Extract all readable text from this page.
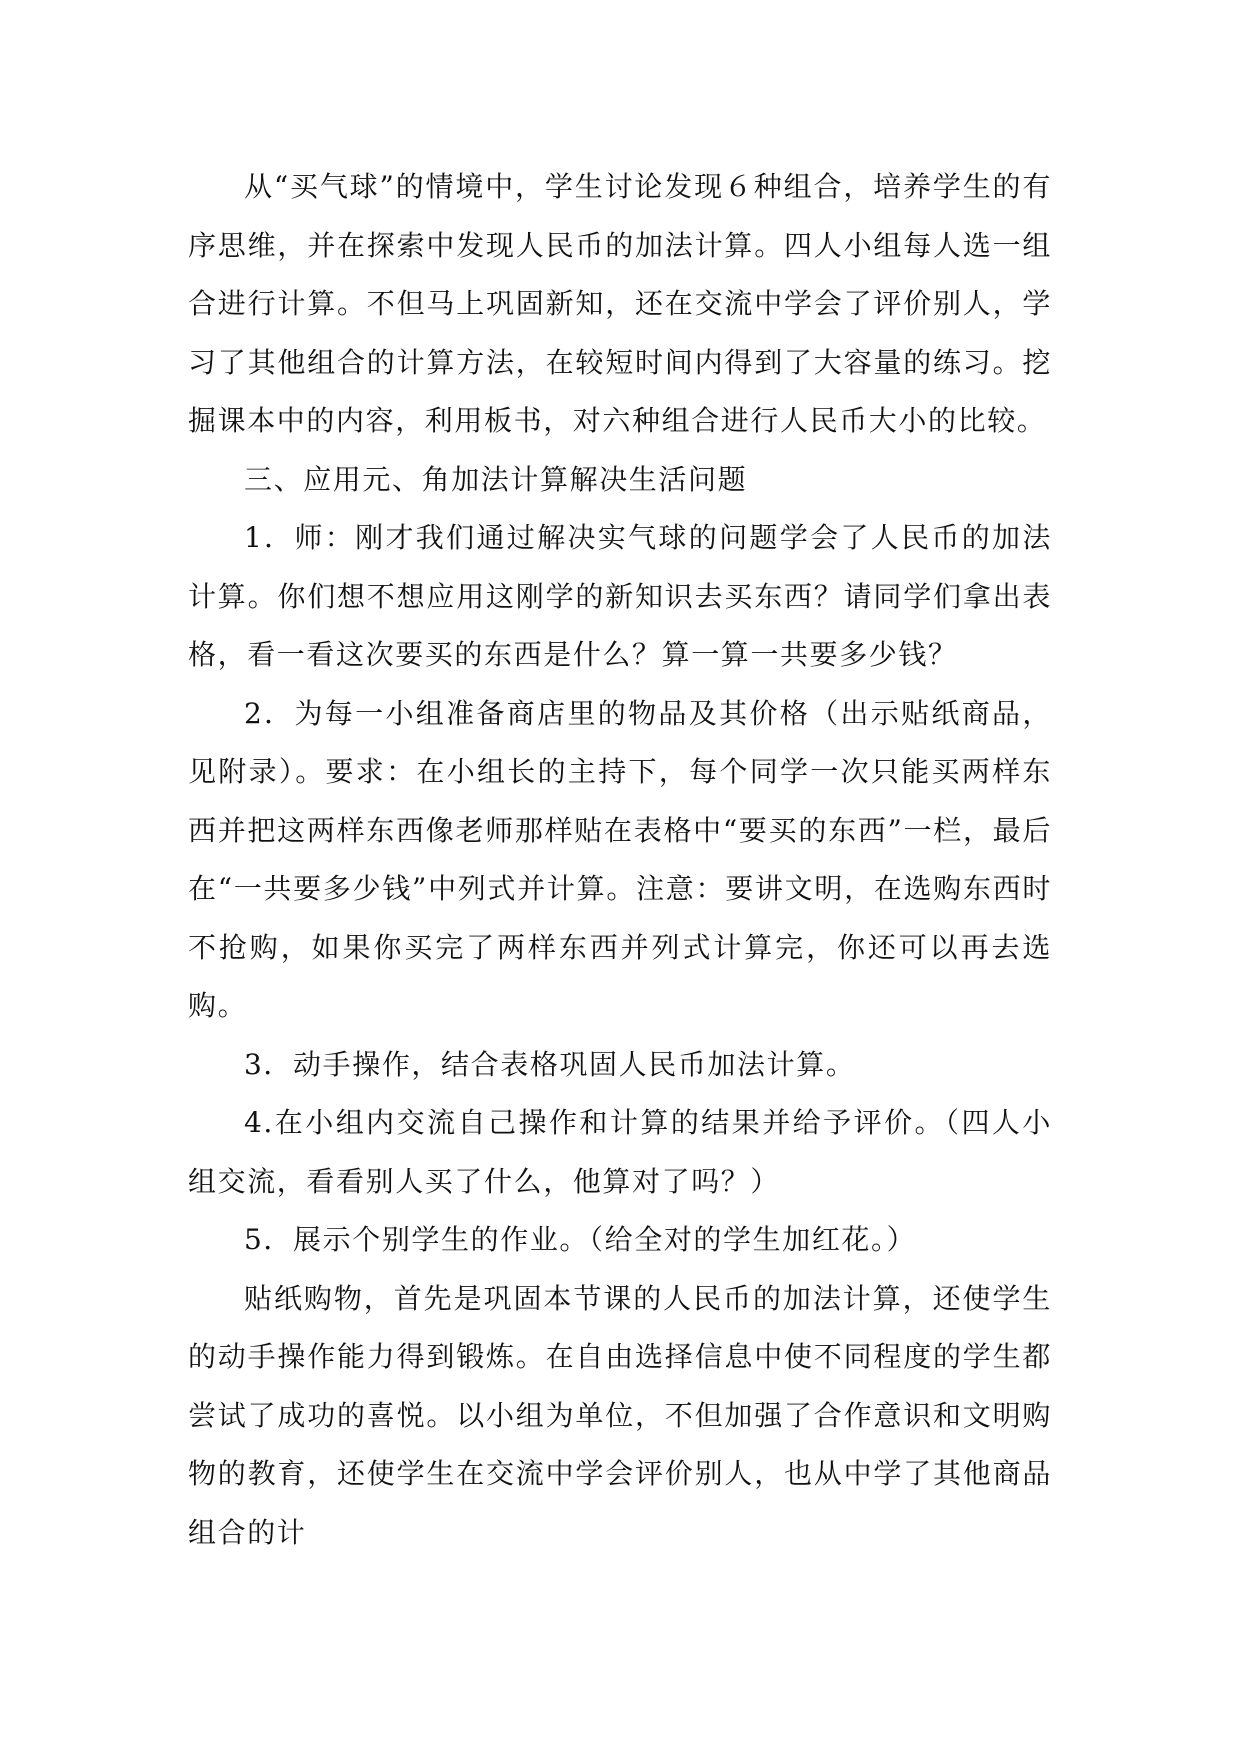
从“买气球”的情境中，学生讨论发现６种组合，培养学生的有序思维，并在探索中发现人民币的加法计算。四人小组每人选一组合进行计算。不但马上巩固新知，还在交流中学会了评价别人，学习了其他组合的计算方法，在较短时间内得到了大容量的练习。挖掘课本中的内容，利用板书，对六种组合进行人民币大小的比较。

三、应用元、角加法计算解决生活问题

1．师：刚才我们通过解决实气球的问题学会了人民币的加法计算。你们想不想应用这刚学的新知识去买东西？请同学们拿出表格，看一看这次要买的东西是什么？算一算一共要多少钱？

2．为每一小组准备商店里的物品及其价格（出示贴纸商品，见附录）。要求：在小组长的主持下，每个同学一次只能买两样东西并把这两样东西像老师那样贴在表格中“要买的东西”一栏，最后在“一共要多少钱”中列式并计算。注意：要讲文明，在选购东西时不抢购，如果你买完了两样东西并列式计算完，你还可以再去选购。

3．动手操作，结合表格巩固人民币加法计算。

4.在小组内交流自己操作和计算的结果并给予评价。（四人小组交流，看看别人买了什么，他算对了吗？）

5．展示个别学生的作业。（给全对的学生加红花。）

贴纸购物，首先是巩固本节课的人民币的加法计算，还使学生的动手操作能力得到锻炼。在自由选择信息中使不同程度的学生都尝试了成功的喜悦。以小组为单位，不但加强了合作意识和文明购物的教育，还使学生在交流中学会评价别人，也从中学了其他商品组合的计
